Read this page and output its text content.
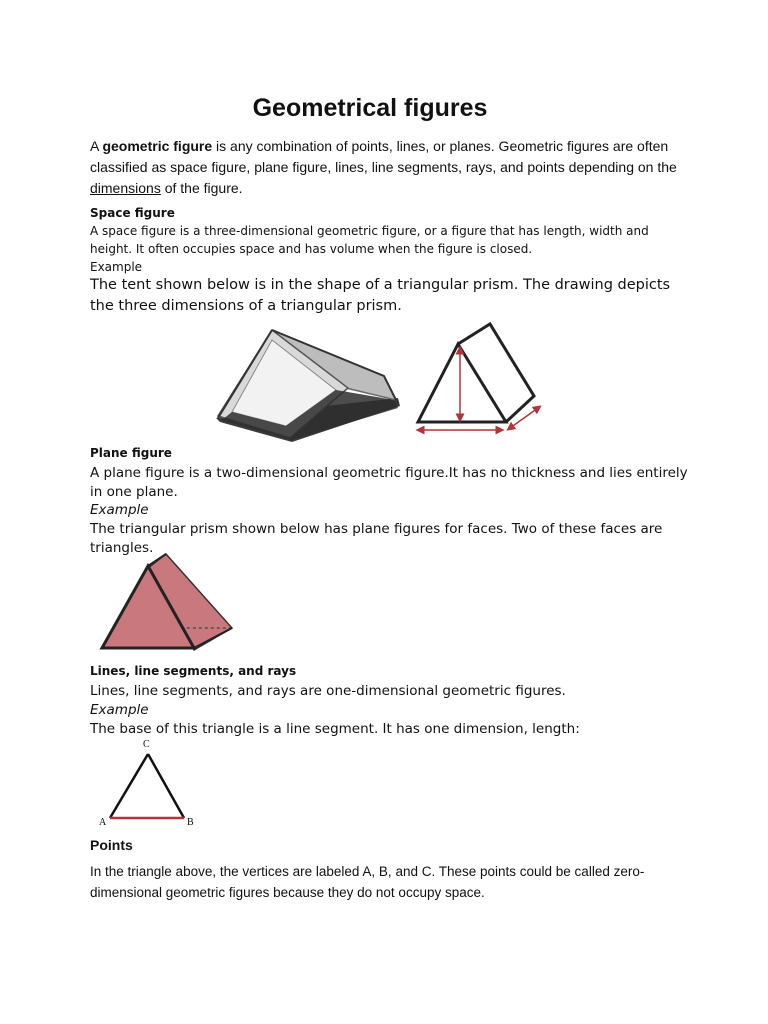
Geometrical figures
A geometric figure is any combination of points, lines, or planes. Geometric figures are often classified as space figure, plane figure, lines, line segments, rays, and points depending on the dimensions of the figure.
Space figure
A space figure is a three-dimensional geometric figure, or a figure that has length, width and height. It often occupies space and has volume when the figure is closed.
Example
The tent shown below is in the shape of a triangular prism. The drawing depicts the three dimensions of a triangular prism.
Plane figure
A plane figure is a two-dimensional geometric figure.It has no thickness and lies entirely in one plane.
Example
The triangular prism shown below has plane figures for faces. Two of these faces are triangles.
Lines, line segments, and rays
Lines, line segments, and rays are one-dimensional geometric figures.
Example
The base of this triangle is a line segment. It has one dimension, length:
C
A	B
Points
In the triangle above, the vertices are labeled A, B, and C. These points could be called zero-dimensional geometric figures because they do not occupy space.
